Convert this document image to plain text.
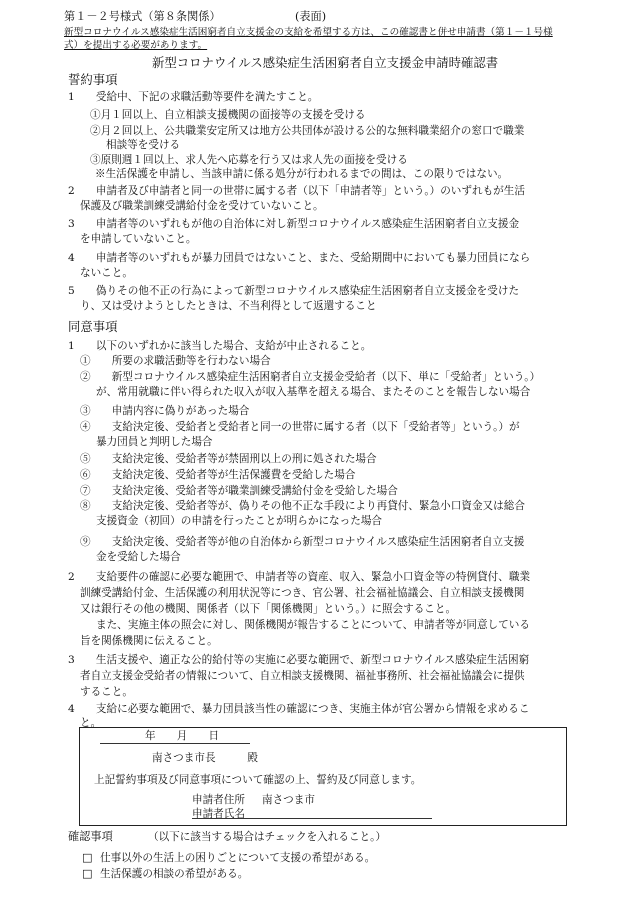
第１－２号様式（第８条関係）	(表面)
新型コロナウイルス感染症生活困窮者自立支援金の支給を希望する方は、この確認書と併せ申請書（第１－１号様
式）を提出する必要があります。
新型コロナウイルス感染症生活困窮者自立支援金申請時確認書
誓約事項
1　　受給中、下記の求職活動等要件を満たすこと。
①月１回以上、自立相談支援機関の面接等の支援を受ける
②月２回以上、公共職業安定所又は地方公共団体が設ける公的な無料職業紹介の窓口で職業
相談等を受ける
③原則週１回以上、求人先へ応募を行う又は求人先の面接を受ける
※生活保護を申請し、当該申請に係る処分が行われるまでの間は、この限りではない。
2　　申請者及び申請者と同一の世帯に属する者（以下「申請者等」という。）のいずれもが生活
保護及び職業訓練受講給付金を受けていないこと。
3　　申請者等のいずれもが他の自治体に対し新型コロナウイルス感染症生活困窮者自立支援金
を申請していないこと。
4　　申請者等のいずれもが暴力団員ではないこと、また、受給期間中においても暴力団員になら
ないこと。
5　　偽りその他不正の行為によって新型コロナウイルス感染症生活困窮者自立支援金を受けた
り、又は受けようとしたときは、不当利得として返還すること
同意事項
1　　以下のいずれかに該当した場合、支給が中止されること。
①　　所要の求職活動等を行わない場合
②　　新型コロナウイルス感染症生活困窮者自立支援金受給者（以下、単に「受給者」という。）
が、常用就職に伴い得られた収入が収入基準を超える場合、またそのことを報告しない場合
③　　申請内容に偽りがあった場合
④　　支給決定後、受給者と受給者と同一の世帯に属する者（以下「受給者等」という。）が
暴力団員と判明した場合
⑤　　支給決定後、受給者等が禁固刑以上の刑に処された場合
⑥　　支給決定後、受給者等が生活保護費を受給した場合
⑦　　支給決定後、受給者等が職業訓練受講給付金を受給した場合
⑧　　支給決定後、受給者等が、偽りその他不正な手段により再貸付、緊急小口資金又は総合
支援資金（初回）の申請を行ったことが明らかになった場合
⑨　　支給決定後、受給者等が他の自治体から新型コロナウイルス感染症生活困窮者自立支援
金を受給した場合
2　　支給要件の確認に必要な範囲で、申請者等の資産、収入、緊急小口資金等の特例貸付、職業
訓練受講給付金、生活保護の利用状況等につき、官公署、社会福祉協議会、自立相談支援機関
又は銀行その他の機関、関係者（以下「関係機関」という。）に照会すること。
また、実施主体の照会に対し、関係機関が報告することについて、申請者等が同意している
旨を関係機関に伝えること。
3　　生活支援や、適正な公的給付等の実施に必要な範囲で、新型コロナウイルス感染症生活困窮
者自立支援金受給者の情報について、自立相談支援機関、福祉事務所、社会福祉協議会に提供
すること。
4　　支給に必要な範囲で、暴力団員該当性の確認につき、実施主体が官公署から情報を求めるこ
と。
年　　月　　日
南さつま市長　　　殿
上記誓約事項及び同意事項について確認の上、誓約及び同意します。
申請者住所 南さつま市
申請者氏名
確認事項	（以下に該当する場合はチェックを入れること。）
□ 仕事以外の生活上の困りごとについて支援の希望がある。
□ 生活保護の相談の希望がある。
